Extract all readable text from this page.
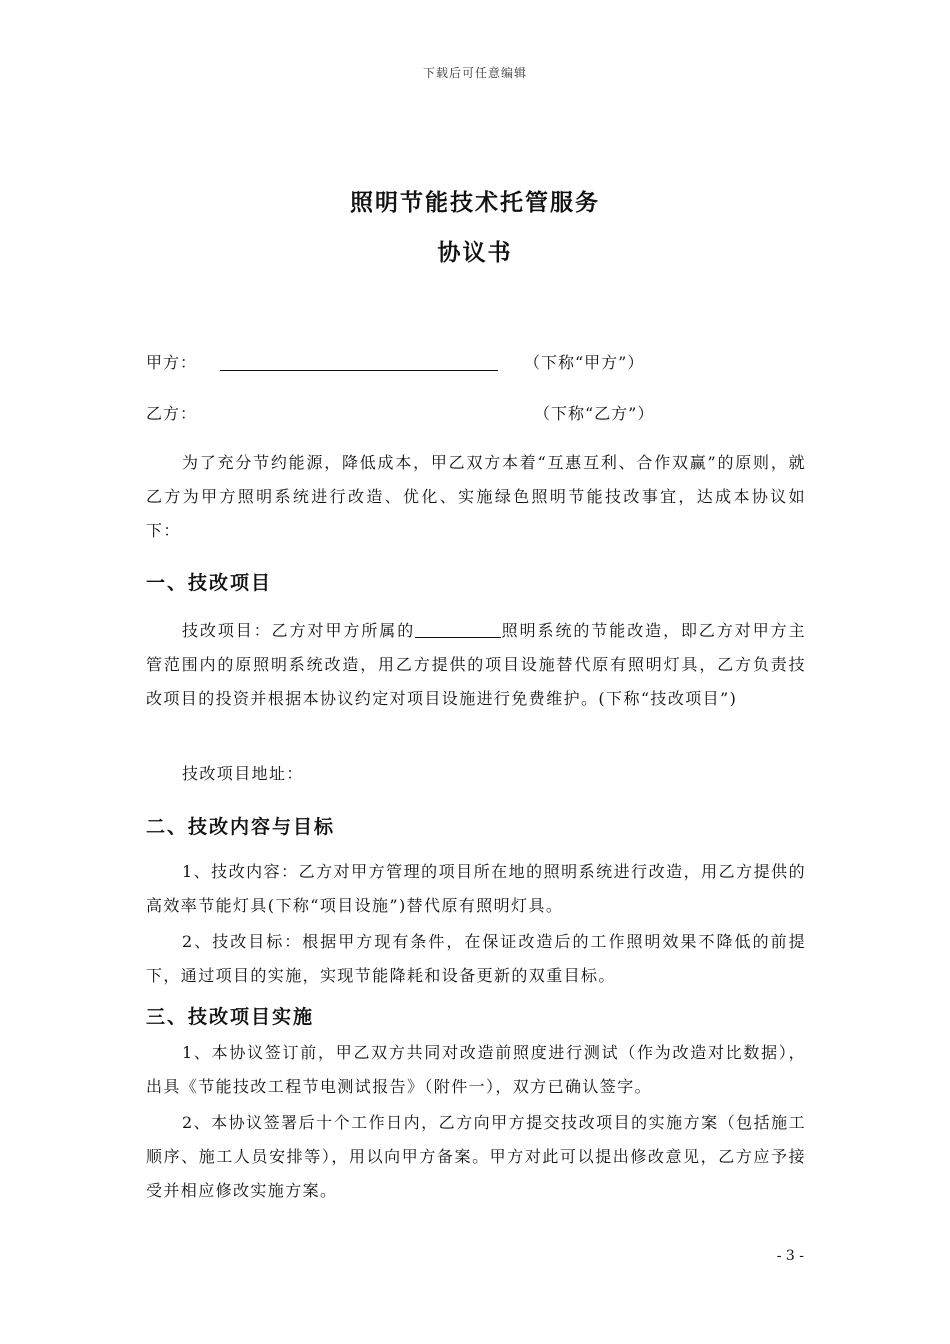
下载后可任意编辑
照明节能技术托管服务
协议书
甲方：	（下称“甲方”）
乙方：	（下称“乙方”）

为了充分节约能源，降低成本，甲乙双方本着“互惠互利、合作双赢”的原则，就乙方为甲方照明系统进行改造、优化、实施绿色照明节能技改事宜，达成本协议如下：

一、技改项目

技改项目：乙方对甲方所属的	照明系统的节能改造，即乙方对甲方主管范围内的原照明系统改造，用乙方提供的项目设施替代原有照明灯具，乙方负责技改项目的投资并根据本协议约定对项目设施进行免费维护。(下称“技改项目”)

技改项目地址：

二、技改内容与目标

1、技改内容：乙方对甲方管理的项目所在地的照明系统进行改造，用乙方提供的高效率节能灯具(下称“项目设施”)替代原有照明灯具。

2、技改目标：根据甲方现有条件，在保证改造后的工作照明效果不降低的前提下，通过项目的实施，实现节能降耗和设备更新的双重目标。

三、技改项目实施

1、本协议签订前，甲乙双方共同对改造前照度进行测试（作为改造对比数据），出具《节能技改工程节电测试报告》（附件一），双方已确认签字。

2、本协议签署后十个工作日内，乙方向甲方提交技改项目的实施方案（包括施工顺序、施工人员安排等），用以向甲方备案。甲方对此可以提出修改意见，乙方应予接受并相应修改实施方案。

- 3 -
